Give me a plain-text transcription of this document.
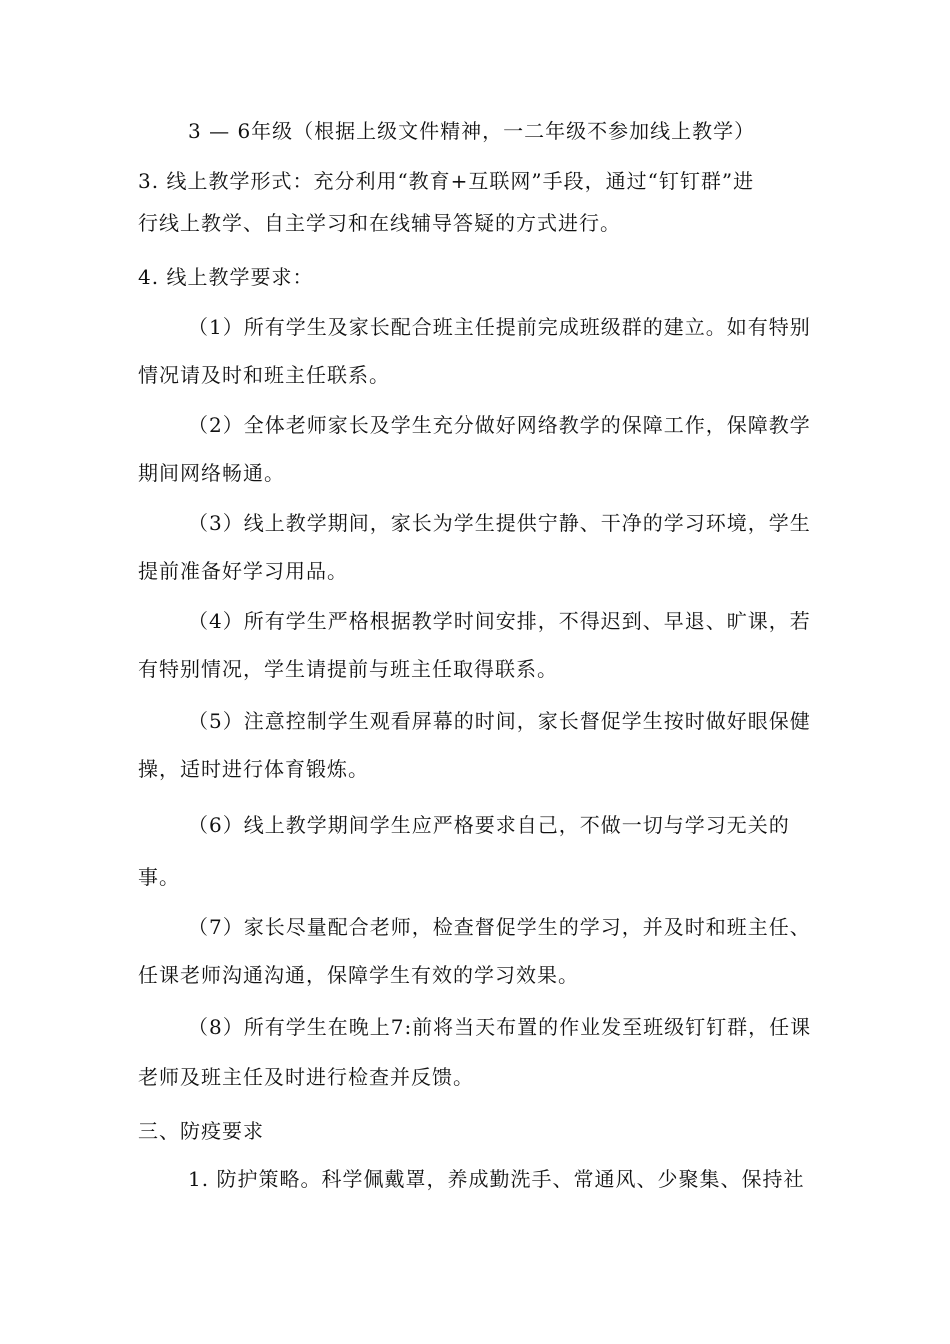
3 — 6年级（根据上级文件精神，一二年级不参加线上教学）
3. 线上教学形式：充分利用“教育+互联网”手段，通过“钉钉群”进
行线上教学、自主学习和在线辅导答疑的方式进行。
4. 线上教学要求：
（1）所有学生及家长配合班主任提前完成班级群的建立。如有特别
情况请及时和班主任联系。
（2）全体老师家长及学生充分做好网络教学的保障工作，保障教学
期间网络畅通。
（3）线上教学期间，家长为学生提供宁静、干净的学习环境，学生
提前准备好学习用品。
（4）所有学生严格根据教学时间安排，不得迟到、早退、旷课，若
有特别情况，学生请提前与班主任取得联系。
（5）注意控制学生观看屏幕的时间，家长督促学生按时做好眼保健
操，适时进行体育锻炼。
（6）线上教学期间学生应严格要求自己，不做一切与学习无关的
事。
（7）家长尽量配合老师，检查督促学生的学习，并及时和班主任、
任课老师沟通沟通，保障学生有效的学习效果。
（8）所有学生在晚上7:前将当天布置的作业发至班级钉钉群，任课
老师及班主任及时进行检查并反馈。
三、防疫要求
1. 防护策略。科学佩戴罩，养成勤洗手、常通风、少聚集、保持社
